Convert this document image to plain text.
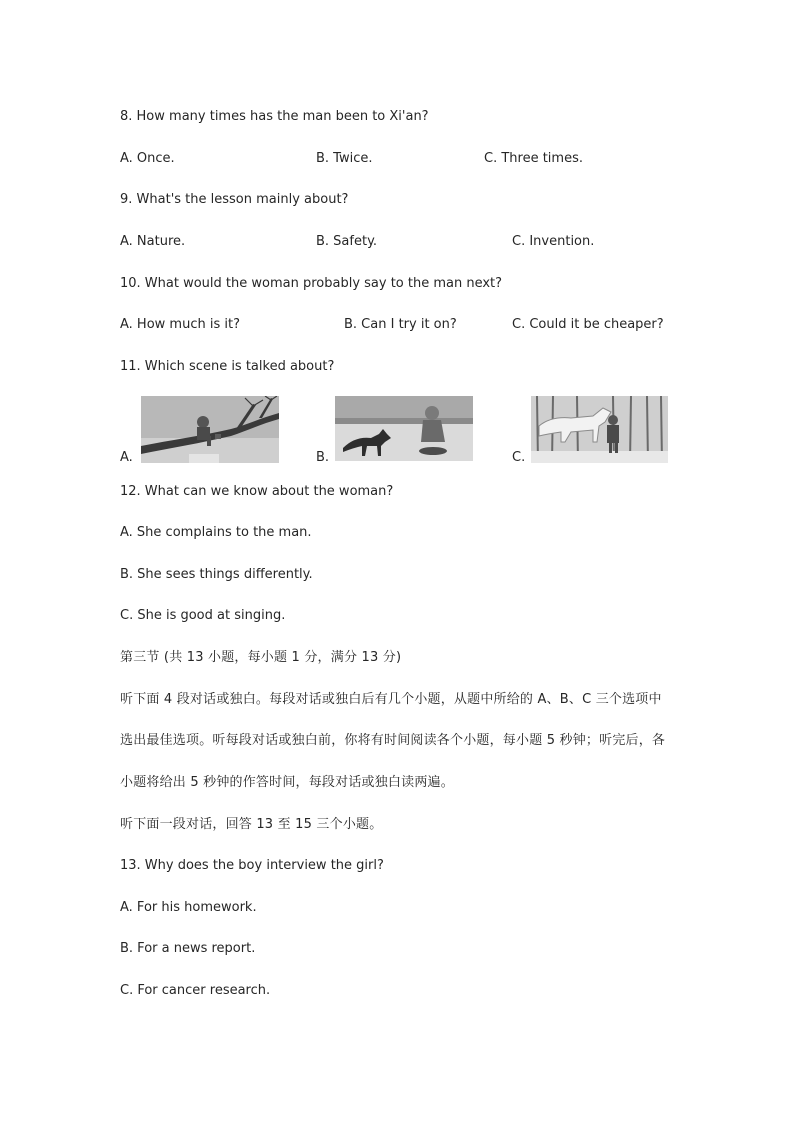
8. How many times has the man been to Xi'an?
A. Once.	B. Twice.	C. Three times.
9. What's the lesson mainly about?
A. Nature.	B. Safety.	C. Invention.
10. What would the woman probably say to the man next?
A. How much is it?	B. Can I try it on?	C. Could it be cheaper?
11. Which scene is talked about?
A.	B.	C.
12. What can we know about the woman?
A. She complains to the man.
B. She sees things differently.
C. She is good at singing.
第三节 (共 13 小题，每小题 1 分，满分 13 分)
听下面 4 段对话或独白。每段对话或独白后有几个小题，从题中所给的 A、B、C 三个选项中
选出最佳选项。听每段对话或独白前，你将有时间阅读各个小题，每小题 5 秒钟；听完后，各
小题将给出 5 秒钟的作答时间，每段对话或独白读两遍。
听下面一段对话，回答 13 至 15 三个小题。
13. Why does the boy interview the girl?
A. For his homework.
B. For a news report.
C. For cancer research.
